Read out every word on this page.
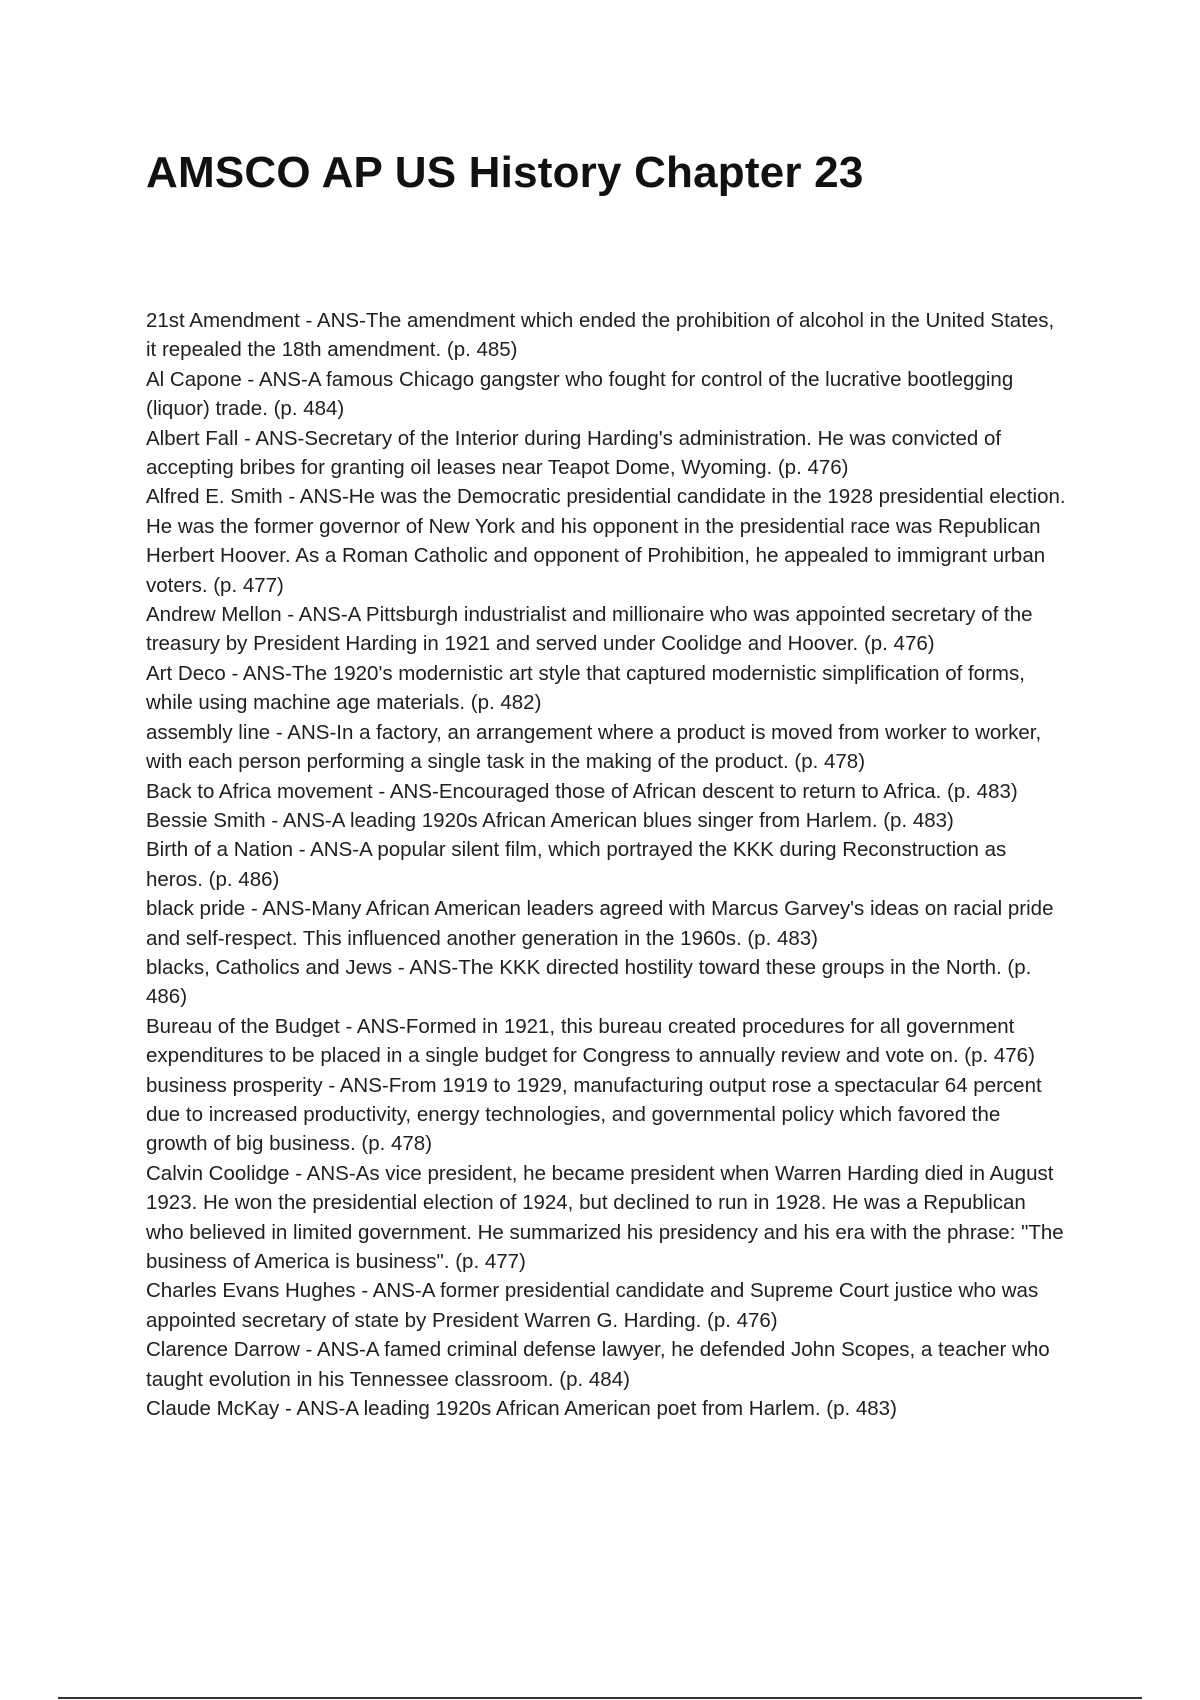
AMSCO AP US History Chapter 23

21st Amendment - ANS-The amendment which ended the prohibition of alcohol in the United States, it repealed the 18th amendment. (p. 485)

Al Capone - ANS-A famous Chicago gangster who fought for control of the lucrative bootlegging (liquor) trade. (p. 484)

Albert Fall - ANS-Secretary of the Interior during Harding's administration. He was convicted of accepting bribes for granting oil leases near Teapot Dome, Wyoming. (p. 476)

Alfred E. Smith - ANS-He was the Democratic presidential candidate in the 1928 presidential election. He was the former governor of New York and his opponent in the presidential race was Republican Herbert Hoover. As a Roman Catholic and opponent of Prohibition, he appealed to immigrant urban voters. (p. 477)

Andrew Mellon - ANS-A Pittsburgh industrialist and millionaire who was appointed secretary of the treasury by President Harding in 1921 and served under Coolidge and Hoover. (p. 476)

Art Deco - ANS-The 1920's modernistic art style that captured modernistic simplification of forms, while using machine age materials. (p. 482)

assembly line - ANS-In a factory, an arrangement where a product is moved from worker to worker, with each person performing a single task in the making of the product. (p. 478)

Back to Africa movement - ANS-Encouraged those of African descent to return to Africa. (p. 483)

Bessie Smith - ANS-A leading 1920s African American blues singer from Harlem. (p. 483)

Birth of a Nation - ANS-A popular silent film, which portrayed the KKK during Reconstruction as heros. (p. 486)

black pride - ANS-Many African American leaders agreed with Marcus Garvey's ideas on racial pride and self-respect. This influenced another generation in the 1960s. (p. 483)

blacks, Catholics and Jews - ANS-The KKK directed hostility toward these groups in the North. (p. 486)

Bureau of the Budget - ANS-Formed in 1921, this bureau created procedures for all government expenditures to be placed in a single budget for Congress to annually review and vote on. (p. 476)

business prosperity - ANS-From 1919 to 1929, manufacturing output rose a spectacular 64 percent due to increased productivity, energy technologies, and governmental policy which favored the growth of big business. (p. 478)

Calvin Coolidge - ANS-As vice president, he became president when Warren Harding died in August 1923. He won the presidential election of 1924, but declined to run in 1928. He was a Republican who believed in limited government. He summarized his presidency and his era with the phrase: "The business of America is business". (p. 477)

Charles Evans Hughes - ANS-A former presidential candidate and Supreme Court justice who was appointed secretary of state by President Warren G. Harding. (p. 476)

Clarence Darrow - ANS-A famed criminal defense lawyer, he defended John Scopes, a teacher who taught evolution in his Tennessee classroom. (p. 484)

Claude McKay - ANS-A leading 1920s African American poet from Harlem. (p. 483)
